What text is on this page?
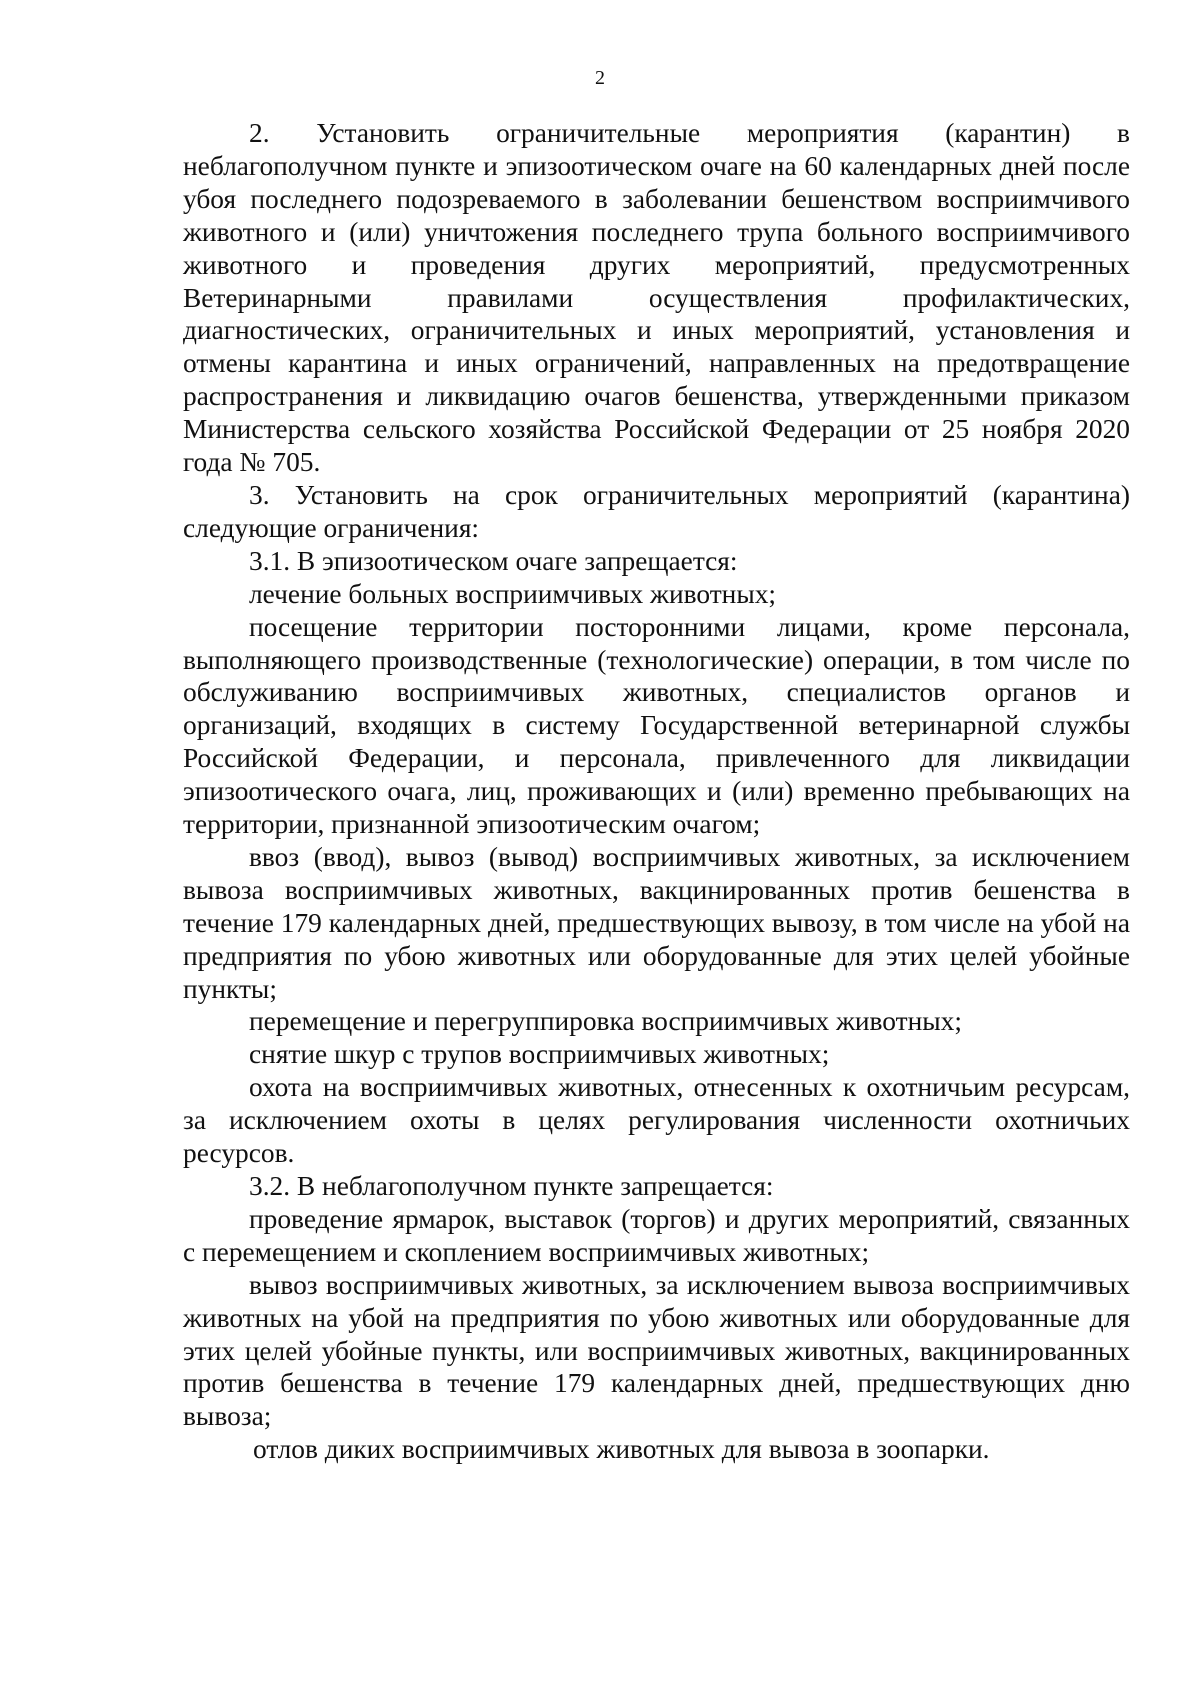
2

2. Установить ограничительные мероприятия (карантин) в неблагополучном пункте и эпизоотическом очаге на 60 календарных дней после убоя последнего подозреваемого в заболевании бешенством восприимчивого животного и (или) уничтожения последнего трупа больного восприимчивого животного и проведения других мероприятий, предусмотренных Ветеринарными правилами осуществления профилактических, диагностических, ограничительных и иных мероприятий, установления и отмены карантина и иных ограничений, направленных на предотвращение распространения и ликвидацию очагов бешенства, утвержденными приказом Министерства сельского хозяйства Российской Федерации от 25 ноября 2020 года № 705.

3. Установить на срок ограничительных мероприятий (карантина) следующие ограничения:

3.1. В эпизоотическом очаге запрещается:

лечение больных восприимчивых животных;

посещение территории посторонними лицами, кроме персонала, выполняющего производственные (технологические) операции, в том числе по обслуживанию восприимчивых животных, специалистов органов и организаций, входящих в систему Государственной ветеринарной службы Российской Федерации, и персонала, привлеченного для ликвидации эпизоотического очага, лиц, проживающих и (или) временно пребывающих на территории, признанной эпизоотическим очагом;

ввоз (ввод), вывоз (вывод) восприимчивых животных, за исключением вывоза восприимчивых животных, вакцинированных против бешенства в течение 179 календарных дней, предшествующих вывозу, в том числе на убой на предприятия по убою животных или оборудованные для этих целей убойные пункты;

перемещение и перегруппировка восприимчивых животных;

снятие шкур с трупов восприимчивых животных;

охота на восприимчивых животных, отнесенных к охотничьим ресурсам, за исключением охоты в целях регулирования численности охотничьих ресурсов.

3.2. В неблагополучном пункте запрещается:

проведение ярмарок, выставок (торгов) и других мероприятий, связанных с перемещением и скоплением восприимчивых животных;

вывоз восприимчивых животных, за исключением вывоза восприимчивых животных на убой на предприятия по убою животных или оборудованные для этих целей убойные пункты, или восприимчивых животных, вакцинированных против бешенства в течение 179 календарных дней, предшествующих дню вывоза;

отлов диких восприимчивых животных для вывоза в зоопарки.
